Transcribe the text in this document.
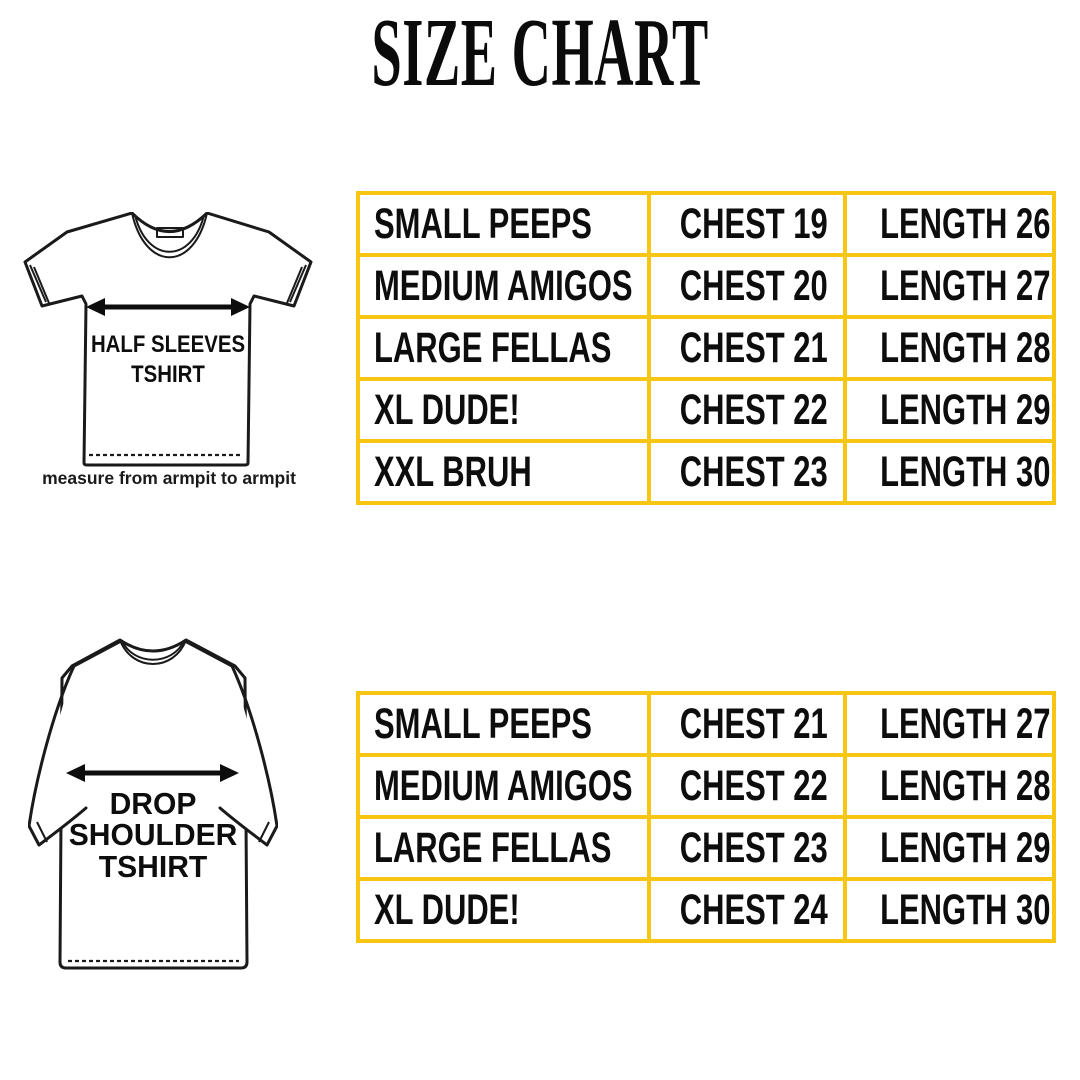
SIZE CHART
HALF SLEEVES
TSHIRT
measure from armpit to armpit
DROP
SHOULDER
TSHIRT
SMALL PEEPS	CHEST 19	LENGTH 26
MEDIUM AMIGOS	CHEST 20	LENGTH 27
LARGE FELLAS	CHEST 21	LENGTH 28
XL DUDE!	CHEST 22	LENGTH 29
XXL BRUH	CHEST 23	LENGTH 30
SMALL PEEPS	CHEST 21	LENGTH 27
MEDIUM AMIGOS	CHEST 22	LENGTH 28
LARGE FELLAS	CHEST 23	LENGTH 29
XL DUDE!	CHEST 24	LENGTH 30
